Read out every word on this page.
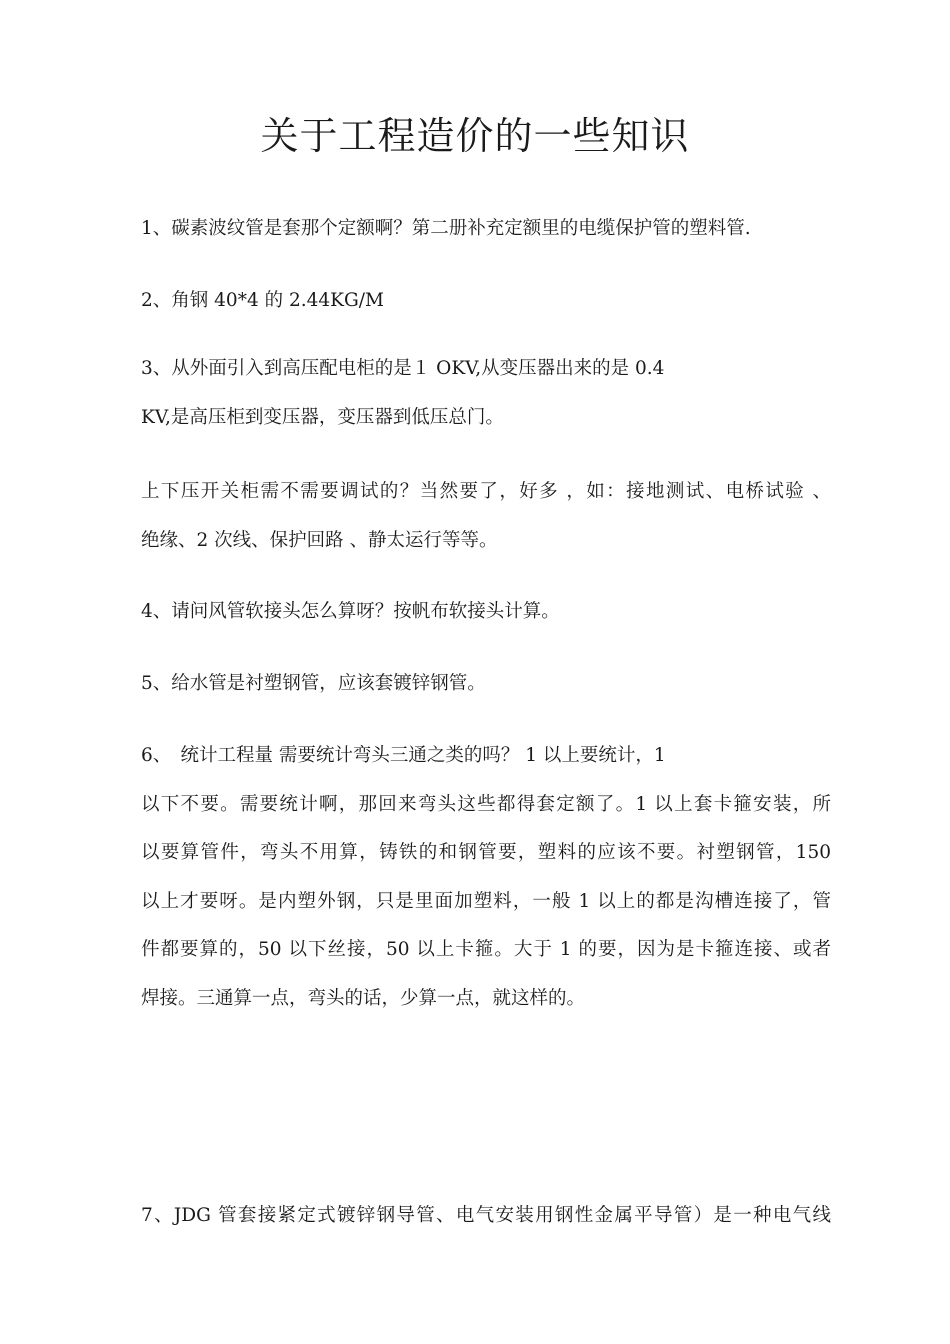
关于工程造价的一些知识

1、碳素波纹管是套那个定额啊？第二册补充定额里的电缆保护管的塑料管.

2、角钢 40*4 的 2.44KG/M

3、从外面引入到高压配电柜的是１ OKV,从变压器出来的是 0.4

KV,是高压柜到变压器，变压器到低压总门。

上下压开关柜需不需要调试的？当然要了，好多 ，如：接地测试、电桥试验 、

绝缘、2 次线、保护回路 、静太运行等等。

4、请问风管软接头怎么算呀？按帆布软接头计算。

5、给水管是衬塑钢管，应该套镀锌钢管。

6、　统计工程量 需要统计弯头三通之类的吗？ 1 以上要统计，1

以下不要。需要统计啊，那回来弯头这些都得套定额了。1 以上套卡箍安装，所

以要算管件，弯头不用算，铸铁的和钢管要，塑料的应该不要。衬塑钢管，150

以上才要呀。是内塑外钢，只是里面加塑料，一般 1 以上的都是沟槽连接了，管

件都要算的，50 以下丝接，50 以上卡箍。大于 1 的要，因为是卡箍连接、或者

焊接。三通算一点，弯头的话，少算一点，就这样的。

7、JDG 管套接紧定式镀锌钢导管、电气安装用钢性金属平导管）是一种电气线
